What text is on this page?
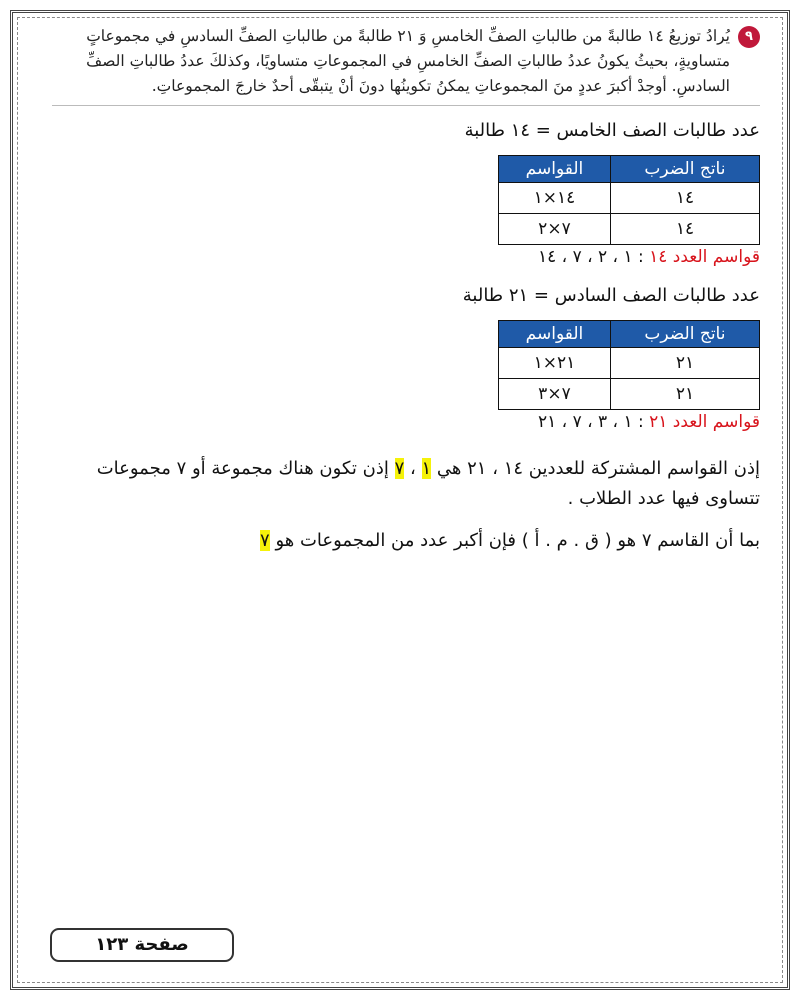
٩
يُرادُ توزيعُ ١٤ طالبةً من طالباتِ الصفِّ الخامسِ وَ ٢١ طالبةً من طالباتِ الصفِّ السادسِ في مجموعاتٍ متساويةٍ، بحيثُ يكونُ عددُ طالباتِ الصفِّ الخامسِ في المجموعاتِ متساويًا، وكذلكَ عددُ طالباتِ الصفِّ السادسِ. أوجدْ أكبرَ عددٍ منَ المجموعاتِ يمكنُ تكوينُها دونَ أنْ يتبقّى أحدٌ خارجَ المجموعاتِ.
عدد طالبات الصف الخامس = ١٤ طالبة
ناتج الضرب	القواسم
١٤	١٤×١
١٤	٧×٢
قواسم العدد ١٤ : ١ ، ٢ ، ٧ ، ١٤
عدد طالبات الصف السادس = ٢١ طالبة
ناتج الضرب	القواسم
٢١	٢١×١
٢١	٧×٣
قواسم العدد ٢١ : ١ ، ٣ ، ٧ ، ٢١
إذن القواسم المشتركة للعددين ١٤ ، ٢١ هي ١ ، ٧ إذن تكون هناك مجموعة أو ٧ مجموعات تتساوى فيها عدد الطلاب .
بما أن القاسم ٧ هو ( ق . م . أ ) فإن أكبر عدد من المجموعات هو ٧
صفحة ١٢٣
